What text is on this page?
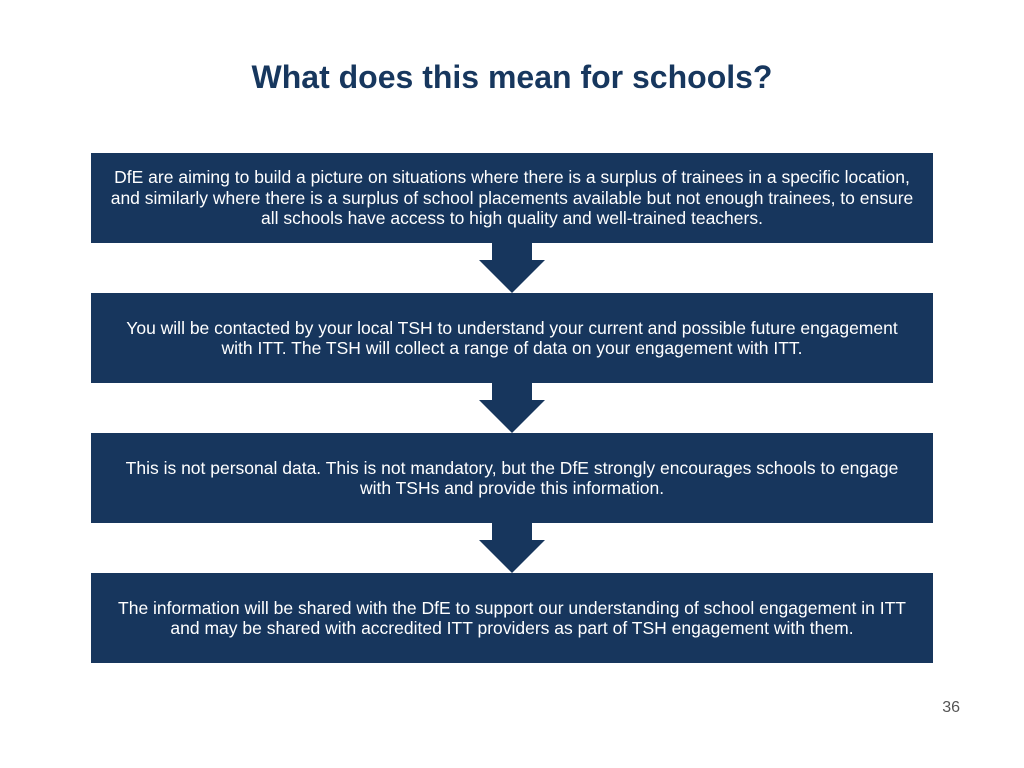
What does this mean for schools?
DfE are aiming to build a picture on situations where there is a surplus of trainees in a specific location, and similarly where there is a surplus of school placements available but not enough trainees, to ensure all schools have access to high quality and well-trained teachers.
You will be contacted by your local TSH to understand your current and possible future engagement with ITT. The TSH will collect a range of data on your engagement with ITT.
This is not personal data. This is not mandatory, but the DfE strongly encourages schools to engage with TSHs and provide this information.
The information will be shared with the DfE to support our understanding of school engagement in ITT and may be shared with accredited ITT providers as part of TSH engagement with them.
36
